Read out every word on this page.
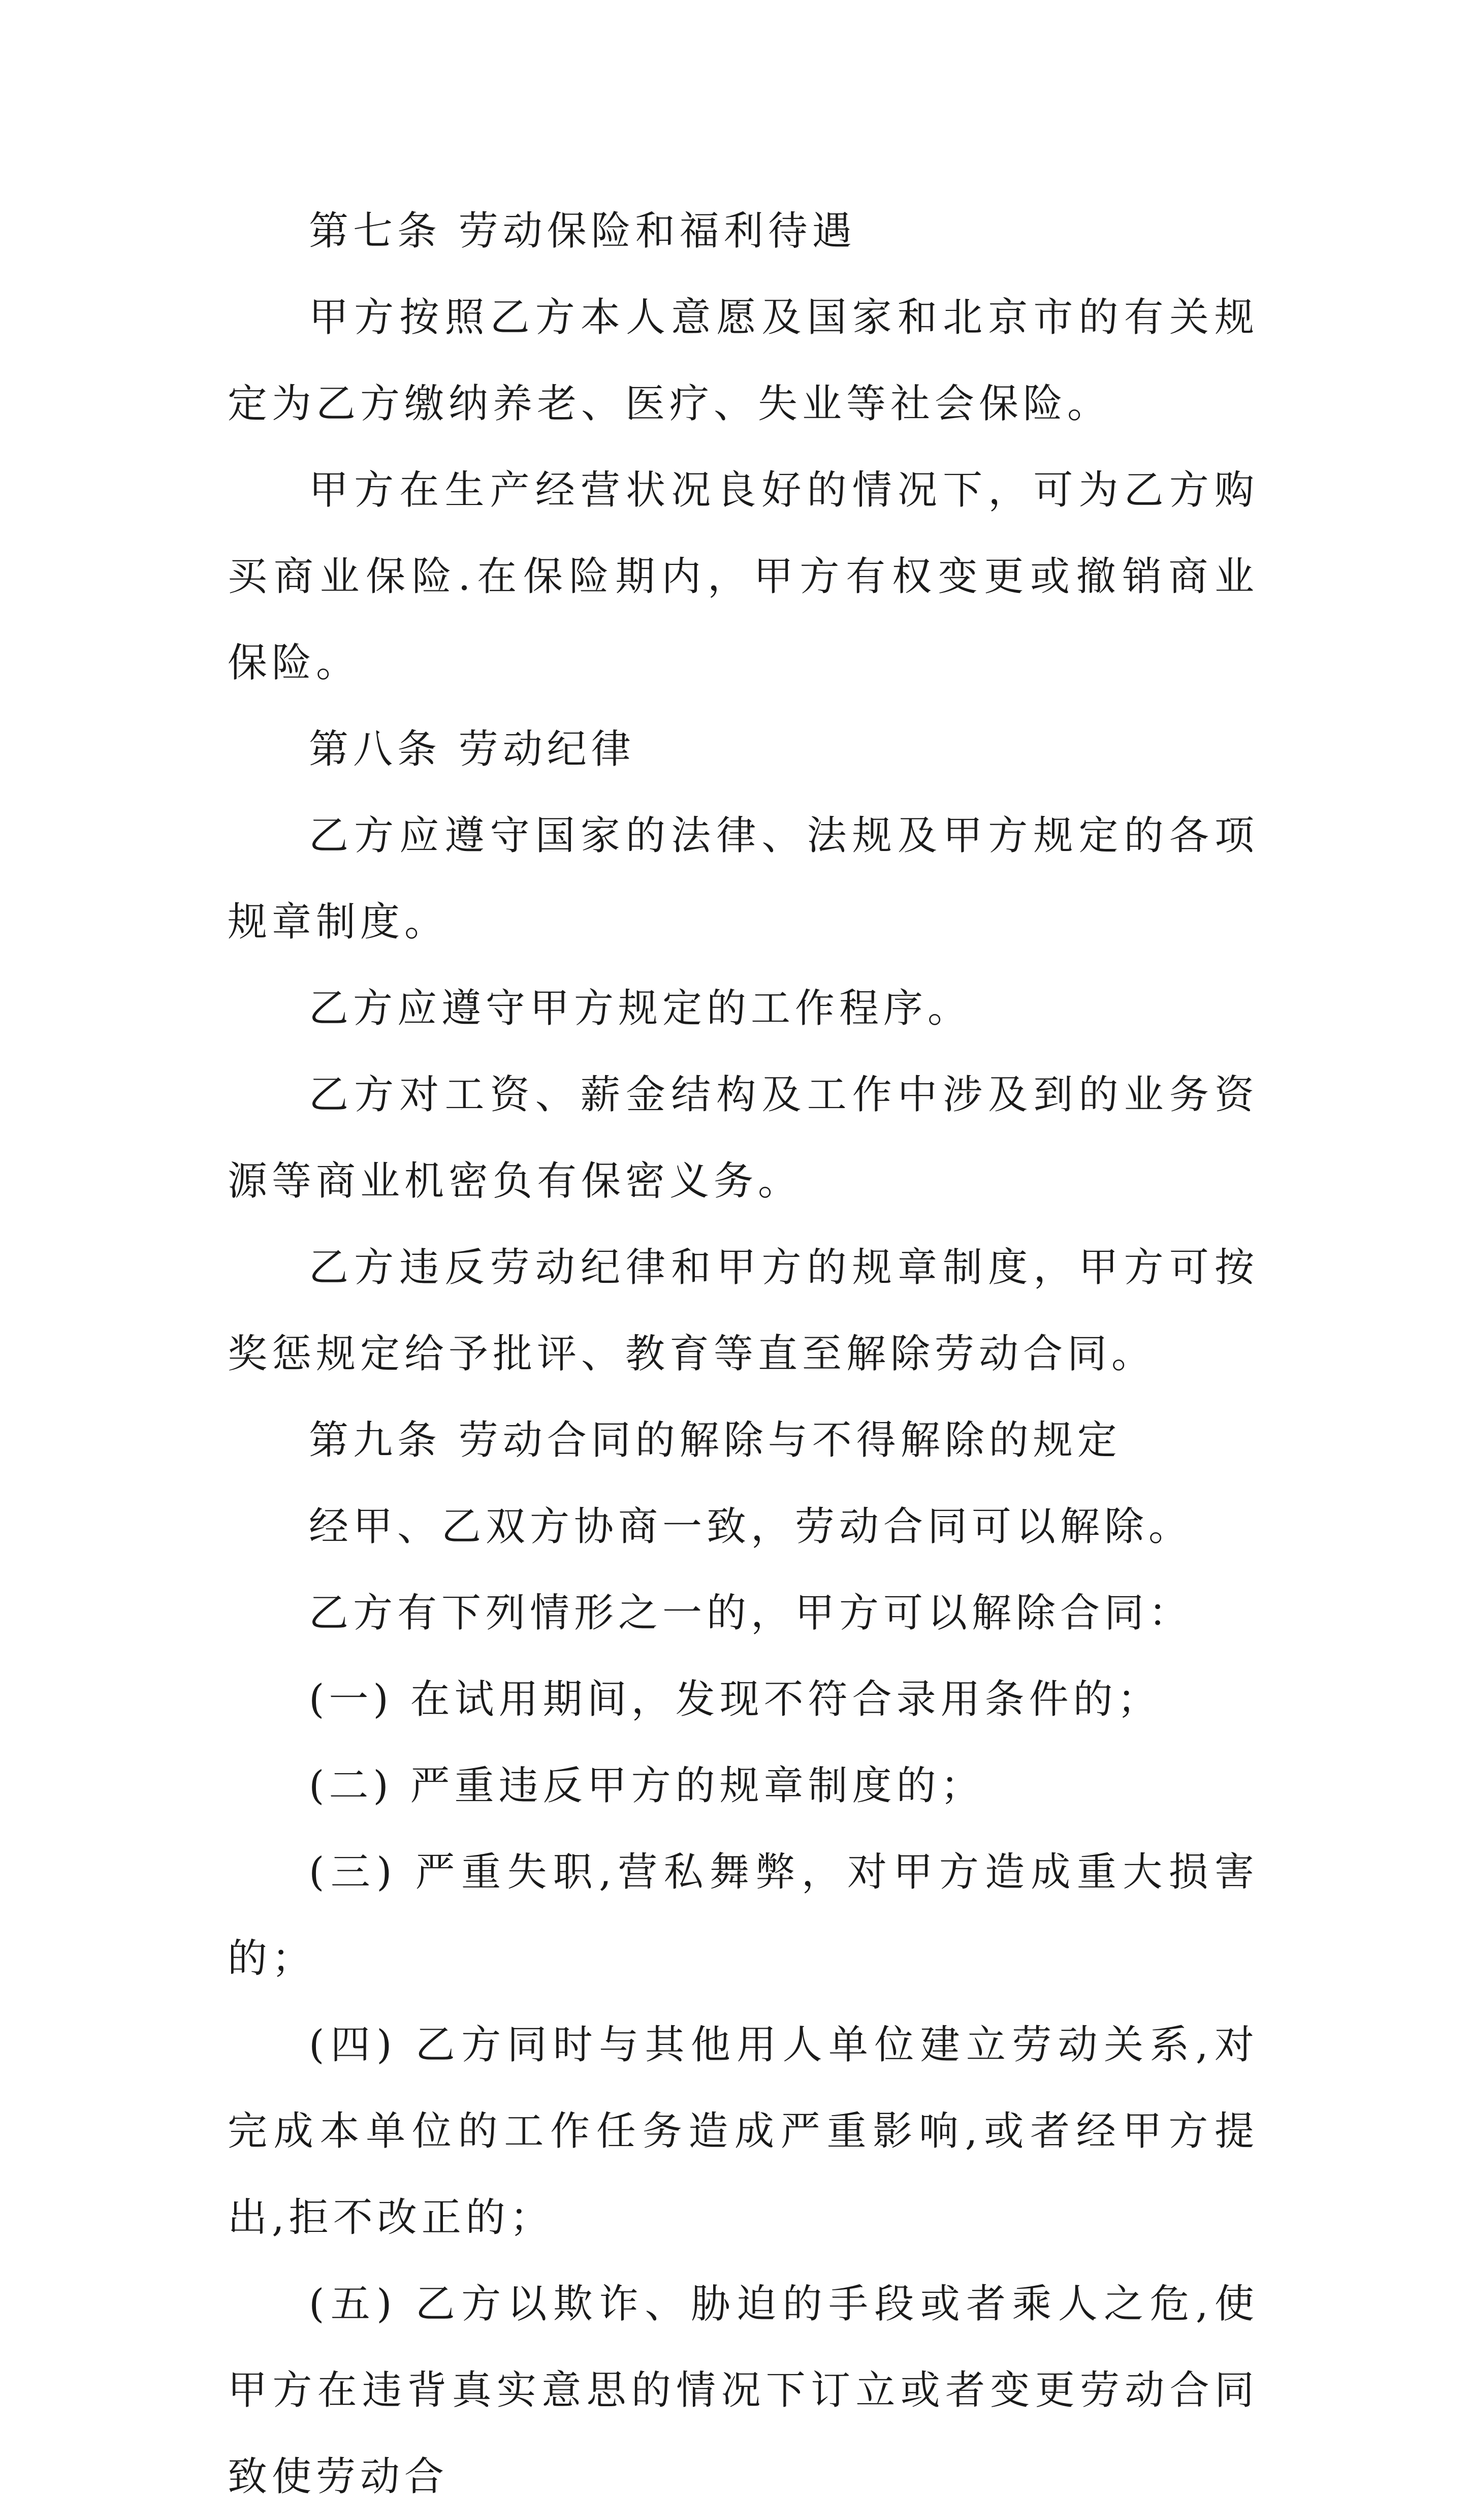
第七条 劳动保险和福利待遇

甲方按照乙方本人意愿及国家和北京市的有关规定为乙方缴纳养老、医疗、失业等社会保险。

甲方在生产经营状况良好的情况下，可为乙方购买商业保险.在保险期内，甲方有权变更或撤销商业保险。

第八条 劳动纪律

乙方应遵守国家的法律、法规及甲方规定的各项规章制度。

乙方应遵守甲方规定的工作程序。

乙方对工资、薪金结构及工作中涉及到的业务资源等商业机密负有保密义务。

乙方违反劳动纪律和甲方的规章制度，甲方可按奖惩规定给予批评、教育等直至解除劳动合同。

第九条 劳动合同的解除与不得解除的规定

经甲、乙双方协商一致，劳动合同可以解除。

乙方有下列情形之一的，甲方可以解除合同：

(一) 在试用期间，发现不符合录用条件的；

(二) 严重违反甲方的规章制度的；

(三) 严重失职,营私舞弊，对甲方造成重大损害的；

(四) 乙方同时与其他用人单位建立劳动关系,对完成本单位的工作任务造成严重影响,或者经甲方提出,拒不改正的；

(五) 乙方以欺诈、胁迫的手段或者乘人之危,使甲方在违背真实意思的情况下订立或者变更劳动合同致使劳动合
